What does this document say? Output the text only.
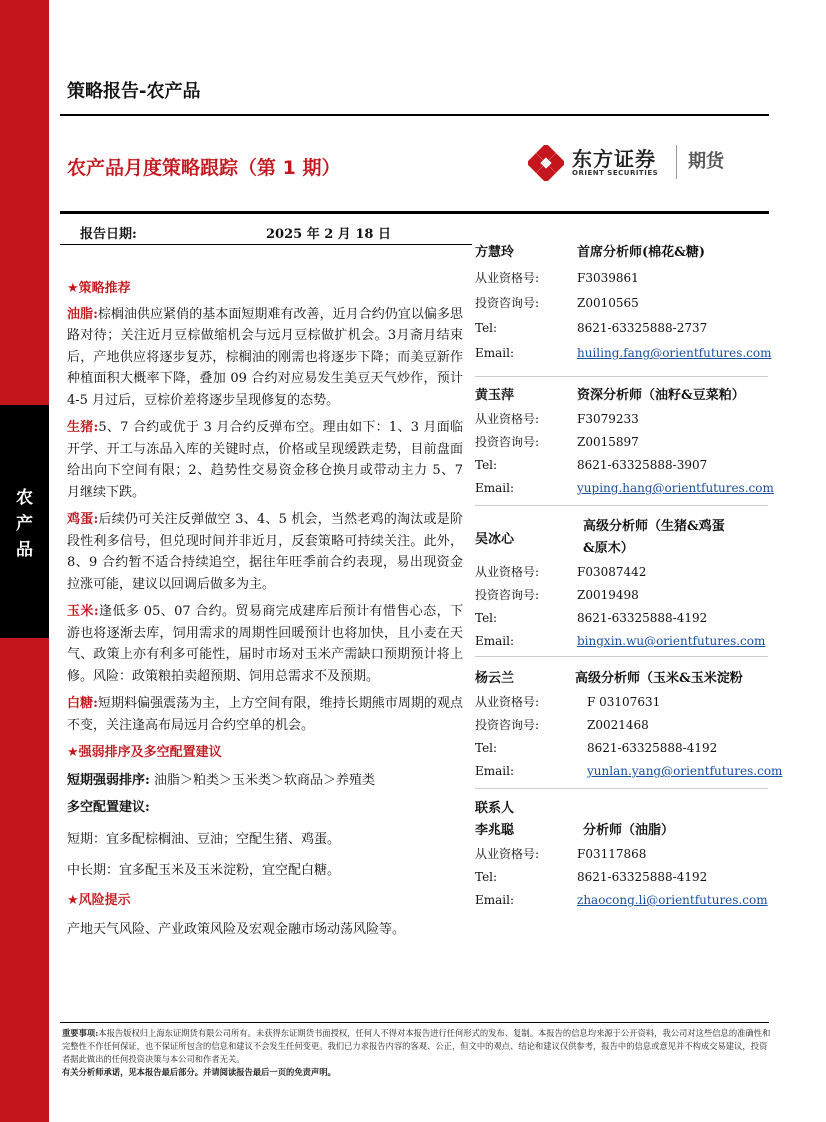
农
产
品
策略报告-农产品
农产品月度策略跟踪（第 1 期）	东方证券
ORIENT SECURITIES
期货
报告日期:	2025 年 2 月 18 日

★策略推荐

油脂:棕榈油供应紧俏的基本面短期难有改善，近月合约仍宜以偏多思路对待；关注近月豆棕做缩机会与远月豆棕做扩机会。3月斋月结束后，产地供应将逐步复苏，棕榈油的刚需也将逐步下降；而美豆新作种植面积大概率下降，叠加 09 合约对应易发生美豆天气炒作，预计 4-5 月过后，豆棕价差将逐步呈现修复的态势。

生猪:5、7 合约或优于 3 月合约反弹布空。理由如下：1、3 月面临开学、开工与冻品入库的关键时点，价格或呈现缓跌走势，目前盘面给出向下空间有限；2、趋势性交易资金移仓换月或带动主力 5、7 月继续下跌。

鸡蛋:后续仍可关注反弹做空 3、4、5 机会，当然老鸡的淘汰或是阶段性利多信号，但兑现时间并非近月，反套策略可持续关注。此外，8、9 合约暂不适合持续追空，据往年旺季前合约表现，易出现资金拉涨可能，建议以回调后做多为主。

玉米:逢低多 05、07 合约。贸易商完成建库后预计有惜售心态，下游也将逐渐去库，饲用需求的周期性回暖预计也将加快，且小麦在天气、政策上亦有利多可能性，届时市场对玉米产需缺口预期预计将上修。风险：政策粮拍卖超预期、饲用总需求不及预期。

白糖:短期料偏强震荡为主，上方空间有限，维持长期熊市周期的观点不变，关注逢高布局远月合约空单的机会。

★强弱排序及多空配置建议

短期强弱排序: 油脂＞粕类＞玉米类＞软商品＞养殖类

多空配置建议:

短期：宜多配棕榈油、豆油；空配生猪、鸡蛋。

中长期：宜多配玉米及玉米淀粉，宜空配白糖。

★风险提示

产地天气风险、产业政策风险及宏观金融市场动荡风险等。

方慧玲	首席分析师(棉花&糖)
从业资格号:	F3039861
投资咨询号:	Z0010565
Tel:	8621-63325888-2737
Email:	huiling.fang@orientfutures.com
黄玉萍	资深分析师（油籽&豆菜粕）
从业资格号:	F3079233
投资咨询号:	Z0015897
Tel:	8621-63325888-3907
Email:	yuping.hang@orientfutures.com
吴冰心
高级分析师（生猪&鸡蛋
&原木）
从业资格号:	F03087442
投资咨询号:	Z0019498
Tel:	8621-63325888-4192
Email:	bingxin.wu@orientfutures.com
杨云兰	高级分析师（玉米&玉米淀粉
从业资格号:	F 03107631
投资咨询号:	Z0021468
Tel:	8621-63325888-4192
Email:	yunlan.yang@orientfutures.com
联系人
李兆聪	分析师（油脂）
从业资格号:	F03117868
Tel:	8621-63325888-4192
Email:	zhaocong.li@orientfutures.com
重要事项:本报告版权归上海东证期货有限公司所有。未获得东证期货书面授权，任何人不得对本报告进行任何形式的发布、复制。本报告的信息均来源于公开资料，我公司对这些信息的准确性和完整性不作任何保证，也不保证所包含的信息和建议不会发生任何变更。我们已力求报告内容的客观、公正，但文中的观点、结论和建议仅供参考，报告中的信息或意见并不构成交易建议，投资者据此做出的任何投资决策与本公司和作者无关。
有关分析师承诺，见本报告最后部分。并请阅读报告最后一页的免责声明。
